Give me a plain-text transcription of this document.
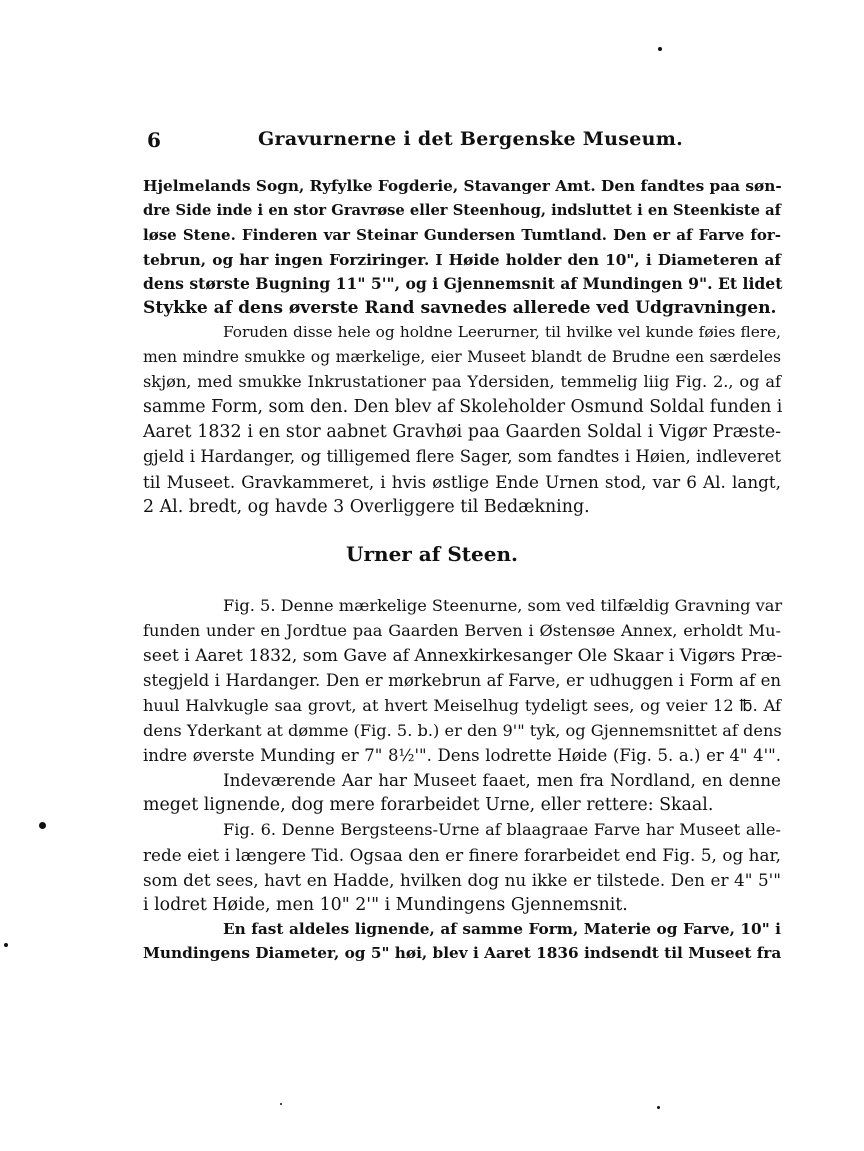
6	Gravurnerne i det Bergenske Museum.
Hjelmelands Sogn, Ryfylke Fogderie, Stavanger Amt. Den fandtes paa søn-
dre Side inde i en stor Gravrøse eller Steenhoug, indsluttet i en Steenkiste af
løse Stene. Finderen var Steinar Gundersen Tumtland. Den er af Farve for-
tebrun, og har ingen Forziringer. I Høide holder den 10", i Diameteren af
dens største Bugning 11" 5'", og i Gjennemsnit af Mundingen 9". Et lidet
Stykke af dens øverste Rand savnedes allerede ved Udgravningen.
Foruden disse hele og holdne Leerurner, til hvilke vel kunde føies flere,
men mindre smukke og mærkelige, eier Museet blandt de Brudne een særdeles
skjøn, med smukke Inkrustationer paa Ydersiden, temmelig liig Fig. 2., og af
samme Form, som den. Den blev af Skoleholder Osmund Soldal funden i
Aaret 1832 i en stor aabnet Gravhøi paa Gaarden Soldal i Vigør Præste-
gjeld i Hardanger, og tilligemed flere Sager, som fandtes i Høien, indleveret
til Museet. Gravkammeret, i hvis østlige Ende Urnen stod, var 6 Al. langt,
2 Al. bredt, og havde 3 Overliggere til Bedækning.
Urner af Steen.
Fig. 5. Denne mærkelige Steenurne, som ved tilfældig Gravning var
funden under en Jordtue paa Gaarden Berven i Østensøe Annex, erholdt Mu-
seet i Aaret 1832, som Gave af Annexkirkesanger Ole Skaar i Vigørs Præ-
stegjeld i Hardanger. Den er mørkebrun af Farve, er udhuggen i Form af en
huul Halvkugle saa grovt, at hvert Meiselhug tydeligt sees, og veier 12 ℔. Af
dens Yderkant at dømme (Fig. 5. b.) er den 9'" tyk, og Gjennemsnittet af dens
indre øverste Munding er 7" 8½'". Dens lodrette Høide (Fig. 5. a.) er 4" 4'".
Indeværende Aar har Museet faaet, men fra Nordland, en denne
meget lignende, dog mere forarbeidet Urne, eller rettere: Skaal.
Fig. 6. Denne Bergsteens-Urne af blaagraae Farve har Museet alle-
rede eiet i længere Tid. Ogsaa den er finere forarbeidet end Fig. 5, og har,
som det sees, havt en Hadde, hvilken dog nu ikke er tilstede. Den er 4" 5'"
i lodret Høide, men 10" 2'" i Mundingens Gjennemsnit.
En fast aldeles lignende, af samme Form, Materie og Farve, 10" i
Mundingens Diameter, og 5" høi, blev i Aaret 1836 indsendt til Museet fra
